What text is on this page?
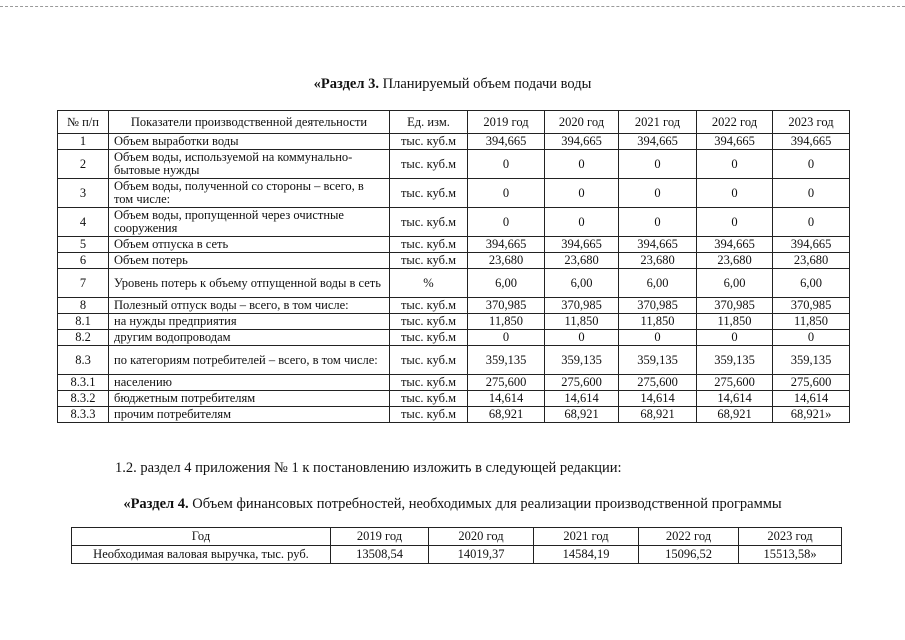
«Раздел 3. Планируемый объем подачи воды
№ п/п	Показатели производственной деятельности	Ед. изм.	2019 год	2020 год	2021 год	2022 год	2023 год
1	Объем выработки воды	тыс. куб.м	394,665	394,665	394,665	394,665	394,665
2	Объем воды, используемой на коммунально-бытовые нужды	тыс. куб.м	0	0	0	0	0
3	Объем воды, полученной со стороны – всего, в том числе:	тыс. куб.м	0	0	0	0	0
4	Объем воды, пропущенной через очистные сооружения	тыс. куб.м	0	0	0	0	0
5	Объем отпуска в сеть	тыс. куб.м	394,665	394,665	394,665	394,665	394,665
6	Объем потерь	тыс. куб.м	23,680	23,680	23,680	23,680	23,680
7	Уровень потерь к объему отпущенной воды в сеть	%	6,00	6,00	6,00	6,00	6,00
8	Полезный отпуск воды – всего, в том числе:	тыс. куб.м	370,985	370,985	370,985	370,985	370,985
8.1	на нужды предприятия	тыс. куб.м	11,850	11,850	11,850	11,850	11,850
8.2	другим водопроводам	тыс. куб.м	0	0	0	0	0
8.3	по категориям потребителей – всего, в том числе:	тыс. куб.м	359,135	359,135	359,135	359,135	359,135
8.3.1	населению	тыс. куб.м	275,600	275,600	275,600	275,600	275,600
8.3.2	бюджетным потребителям	тыс. куб.м	14,614	14,614	14,614	14,614	14,614
8.3.3	прочим потребителям	тыс. куб.м	68,921	68,921	68,921	68,921	68,921»
1.2. раздел 4 приложения № 1 к постановлению изложить в следующей редакции:
«Раздел 4. Объем финансовых потребностей, необходимых для реализации производственной программы
Год	2019 год	2020 год	2021 год	2022 год	2023 год
Необходимая валовая выручка, тыс. руб.	13508,54	14019,37	14584,19	15096,52	15513,58»
